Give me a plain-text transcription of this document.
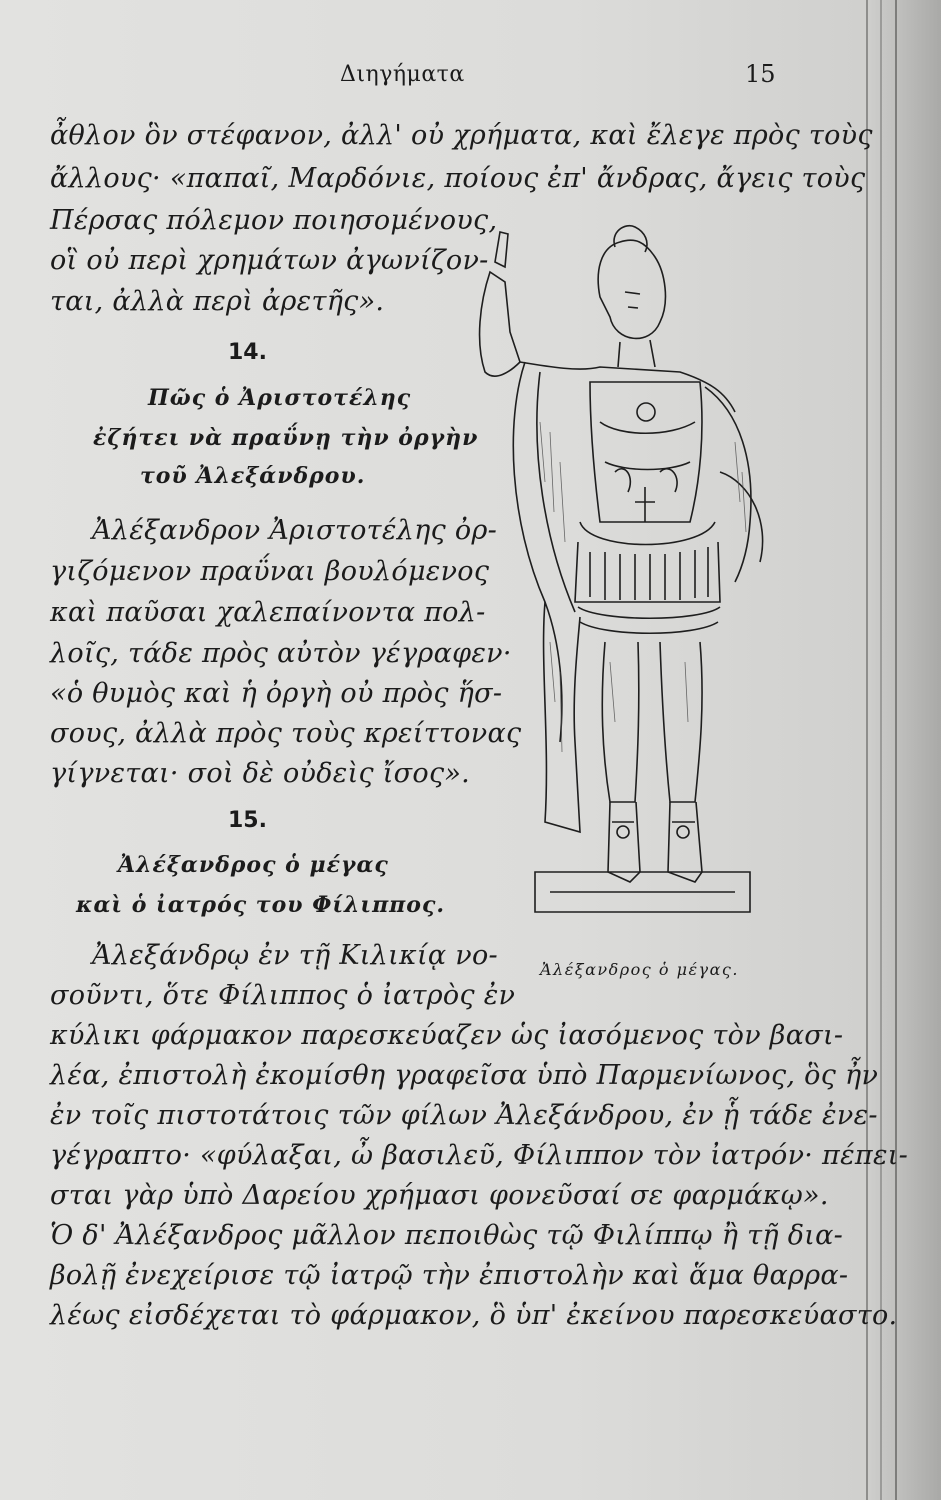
Διηγήματα	15
ἆθλον ὃν στέφανον, ἀλλ' οὐ χρήματα, καὶ ἔλεγε πρὸς τοὺς
ἄλλους· «παπαῖ, Μαρδόνιε, ποίους ἐπ' ἄνδρας, ἄγεις τοὺς
Πέρσας πόλεμον ποιησομένους,
οἳ οὐ περὶ χρημάτων ἀγωνίζον-
ται, ἀλλὰ περὶ ἀρετῆς».
14.
Πῶς ὁ Ἀριστοτέλης
ἐζήτει νὰ πραΰνῃ τὴν ὀργὴν
τοῦ Ἀλεξάνδρου.
Ἀλέξανδρον Ἀριστοτέλης ὀρ-
γιζόμενον πραΰναι βουλόμενος
καὶ παῦσαι χαλεπαίνοντα πολ-
λοῖς, τάδε πρὸς αὐτὸν γέγραφεν·
«ὁ θυμὸς καὶ ἡ ὀργὴ οὐ πρὸς ἥσ-
σους, ἀλλὰ πρὸς τοὺς κρείττονας
γίγνεται· σοὶ δὲ οὐδεὶς ἴσος».
15.
Ἀλέξανδρος ὁ μέγας
καὶ ὁ ἰατρός του Φίλιππος.
Ἀλεξάνδρῳ ἐν τῇ Κιλικίᾳ νο-
σοῦντι, ὅτε Φίλιππος ὁ ἰατρὸς ἐν
κύλικι φάρμακον παρεσκεύαζεν ὡς ἰασόμενος τὸν βασι-
λέα, ἐπιστολὴ ἐκομίσθη γραφεῖσα ὑπὸ Παρμενίωνος, ὃς ἦν
ἐν τοῖς πιστοτάτοις τῶν φίλων Ἀλεξάνδρου, ἐν ᾗ τάδε ἐνε-
γέγραπτο· «φύλαξαι, ὦ βασιλεῦ, Φίλιππον τὸν ἰατρόν· πέπει-
σται γὰρ ὑπὸ Δαρείου χρήμασι φονεῦσαί σε φαρμάκῳ».
Ὁ δ' Ἀλέξανδρος μᾶλλον πεποιθὼς τῷ Φιλίππῳ ἢ τῇ δια-
βολῇ ἐνεχείρισε τῷ ἰατρῷ τὴν ἐπιστολὴν καὶ ἅμα θαρρα-
λέως εἰσδέχεται τὸ φάρμακον, ὃ ὑπ' ἐκείνου παρεσκεύαστο.
Ἀλέξανδρος ὁ μέγας.
